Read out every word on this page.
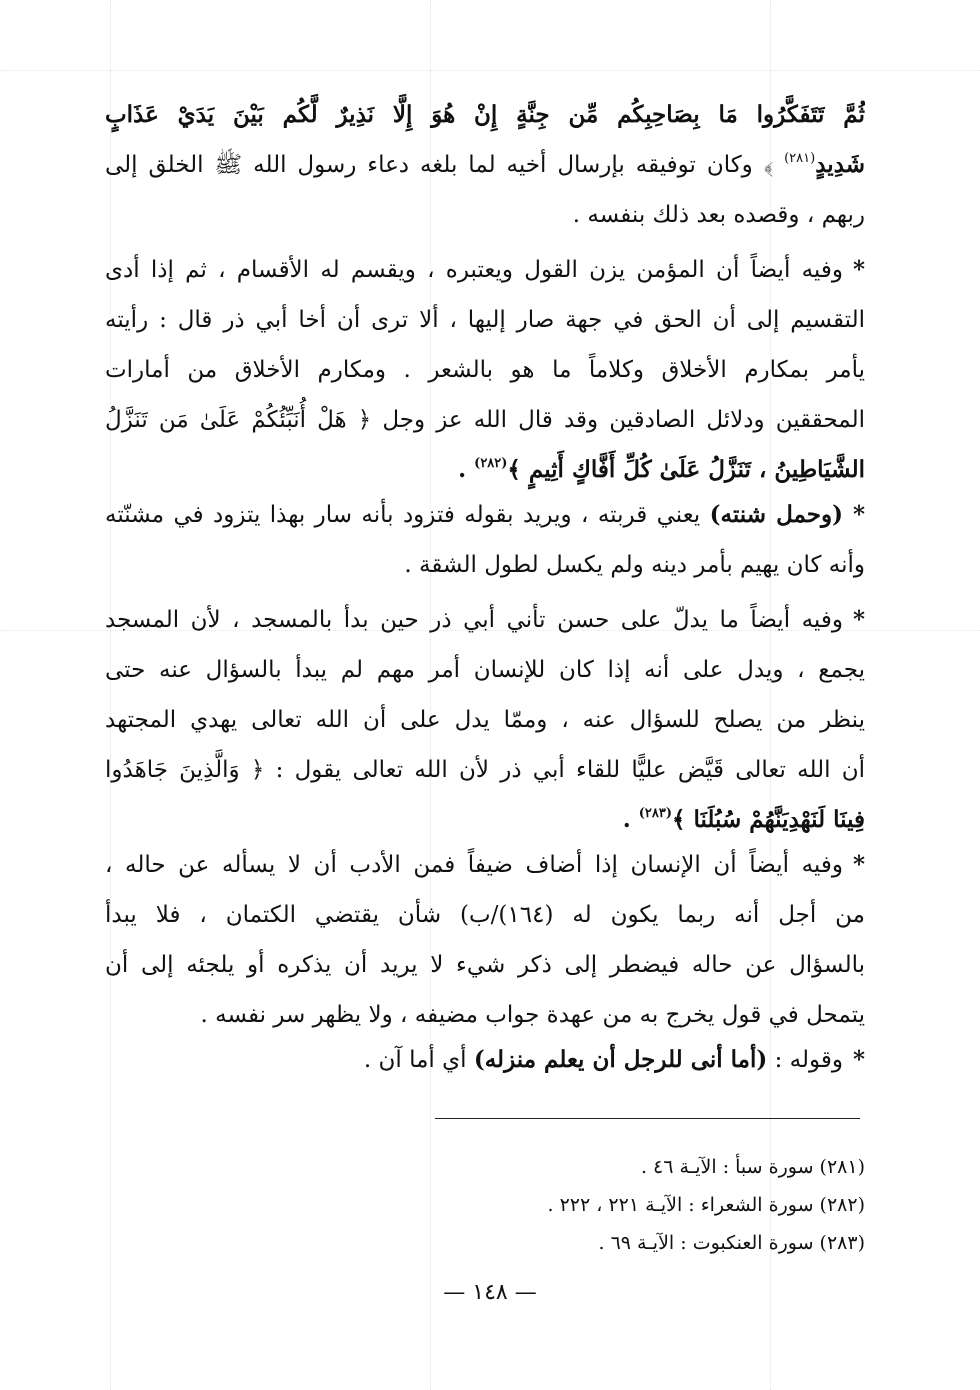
ثُمَّ تَتَفَكَّرُوا مَا بِصَاحِبِكُم مِّن جِنَّةٍ إِنْ هُوَ إِلَّا نَذِيرٌ لَّكُم بَيْنَ يَدَيْ عَذَابٍ
شَدِيدٍ$^{(٢٨١)}$ ﴾ وكان توفيقه بإرسال أخيه لما بلغه دعاء رسول الله ﷺ الخلق إلى
ربهم ، وقصده بعد ذلك بنفسه .
*وفيه أيضاً أن المؤمن يزن القول ويعتبره ، ويقسم له الأقسام ، ثم إذا أدى
التقسيم إلى أن الحق في جهة صار إليها ، ألا ترى أن أخا أبي ذر قال : رأيته
يأمر بمكارم الأخلاق وكلاماً ما هو بالشعر . ومكارم الأخلاق من أمارات
المحققين ودلائل الصادقين وقد قال الله عز وجل ﴿ هَلْ أُنَبِّئُكُمْ عَلَىٰ مَن تَنَزَّلُ
الشَّيَاطِينُ ، تَنَزَّلُ عَلَىٰ كُلِّ أَفَّاكٍ أَثِيمٍ ﴾$^{(٢٨٢)}$ .
*(وحمل شنته) يعني قربته ، ويريد بقوله فتزود بأنه سار بهذا يتزود في مشنّته
وأنه كان يهيم بأمر دينه ولم يكسل لطول الشقة .
*وفيه أيضاً ما يدلّ على حسن تأني أبي ذر حين بدأ بالمسجد ، لأن المسجد
يجمع ، ويدل على أنه إذا كان للإنسان أمر مهم لم يبدأ بالسؤال عنه حتى
ينظر من يصلح للسؤال عنه ، وممّا يدل على أن الله تعالى يهدي المجتهد
أن الله تعالى قَيَّض عليًّا للقاء أبي ذر لأن الله تعالى يقول : ﴿ وَالَّذِينَ جَاهَدُوا
فِينَا لَنَهْدِيَنَّهُمْ سُبُلَنَا ﴾$^{(٢٨٣)}$ .
*وفيه أيضاً أن الإنسان إذا أضاف ضيفاً فمن الأدب أن لا يسأله عن حاله ،
من أجل أنه ربما يكون له (١٦٤)/ب) شأن يقتضي الكتمان ، فلا يبدأ
بالسؤال عن حاله فيضطر إلى ذكر شيء لا يريد أن يذكره أو يلجئه إلى أن
يتمحل في قول يخرج به من عهدة جواب مضيفه ، ولا يظهر سر نفسه .
*وقوله : (أما أنى للرجل أن يعلم منزله) أي أما آن .
(٢٨١) سورة سبأ : الآيـة ٤٦ .
(٢٨٢) سورة الشعراء : الآيـة ٢٢١ ، ٢٢٢ .
(٢٨٣) سورة العنكبوت : الآيـة ٦٩ .
— ١٤٨ —
